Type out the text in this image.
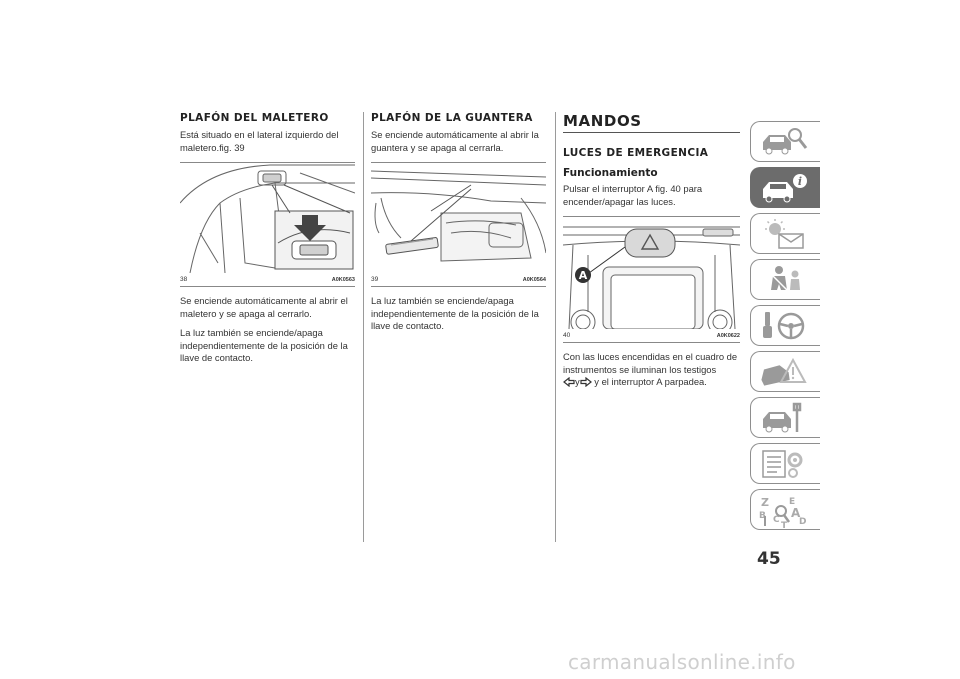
PLAFÓN DEL MALETERO

Está situado en el lateral izquierdo del maletero.fig. 39

38	A0K0563

Se enciende automáticamente al abrir el maletero y se apaga al cerrarlo.

La luz también se enciende/apaga independientemente de la posición de la llave de contacto.

PLAFÓN DE LA GUANTERA

Se enciende automáticamente al abrir la guantera y se apaga al cerrarla.

39	A0K0564

La luz también se enciende/apaga independientemente de la posición de la llave de contacto.

MANDOS
LUCES DE EMERGENCIA
Funcionamiento

Pulsar el interruptor A fig. 40 para encender/apagar las luces.

A
40	A0K0622

Con las luces encendidas en el cuadro de instrumentos se iluminan los testigos
y y el interruptor A parpadea.

i
Z E
B A
C D
T
45
carmanualsonline.info
